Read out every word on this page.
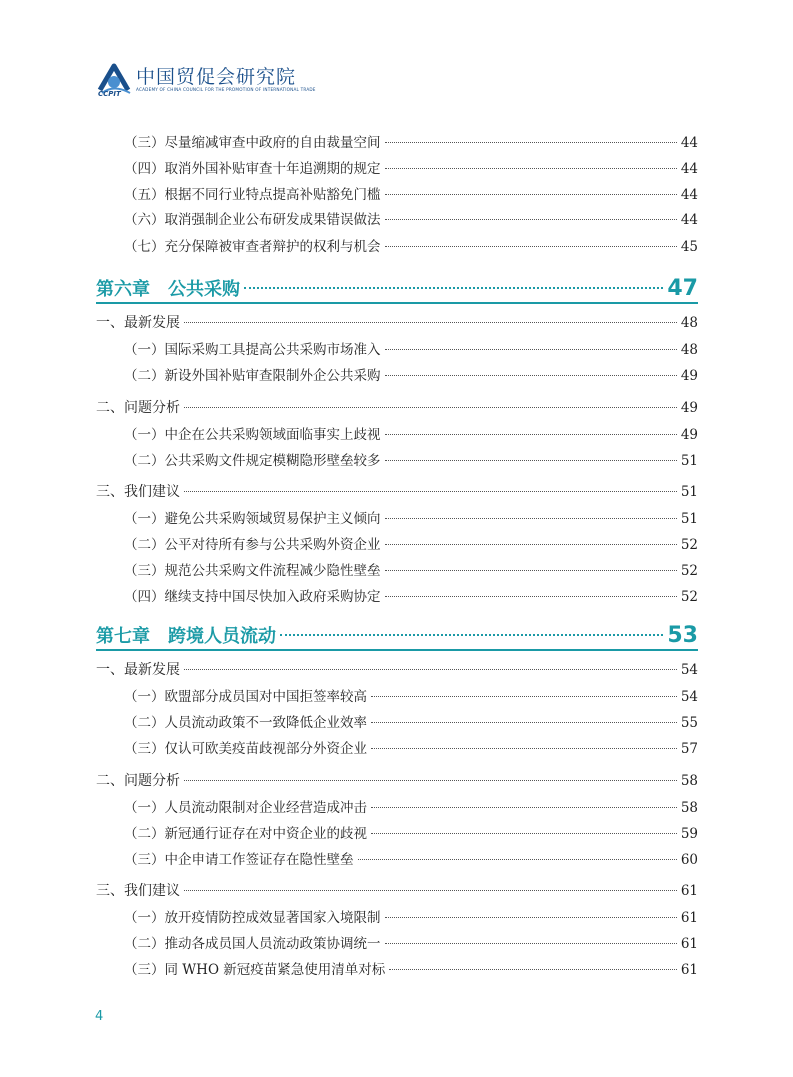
CCPIT
中国贸促会研究院
ACADEMY OF CHINA COUNCIL FOR THE PROMOTION OF INTERNATIONAL TRADE
（三）尽量缩减审查中政府的自由裁量空间	44
（四）取消外国补贴审查十年追溯期的规定	44
（五）根据不同行业特点提高补贴豁免门槛	44
（六）取消强制企业公布研发成果错误做法	44
（七）充分保障被审查者辩护的权利与机会	45
第六章　公共采购	47
一、最新发展	48
（一）国际采购工具提高公共采购市场准入	48
（二）新设外国补贴审查限制外企公共采购	49
二、问题分析	49
（一）中企在公共采购领域面临事实上歧视	49
（二）公共采购文件规定模糊隐形壁垒较多	51
三、我们建议	51
（一）避免公共采购领域贸易保护主义倾向	51
（二）公平对待所有参与公共采购外资企业	52
（三）规范公共采购文件流程减少隐性壁垒	52
（四）继续支持中国尽快加入政府采购协定	52
第七章　跨境人员流动	53
一、最新发展	54
（一）欧盟部分成员国对中国拒签率较高	54
（二）人员流动政策不一致降低企业效率	55
（三）仅认可欧美疫苗歧视部分外资企业	57
二、问题分析	58
（一）人员流动限制对企业经营造成冲击	58
（二）新冠通行证存在对中资企业的歧视	59
（三）中企申请工作签证存在隐性壁垒	60
三、我们建议	61
（一）放开疫情防控成效显著国家入境限制	61
（二）推动各成员国人员流动政策协调统一	61
（三）同 WHO 新冠疫苗紧急使用清单对标	61
4
